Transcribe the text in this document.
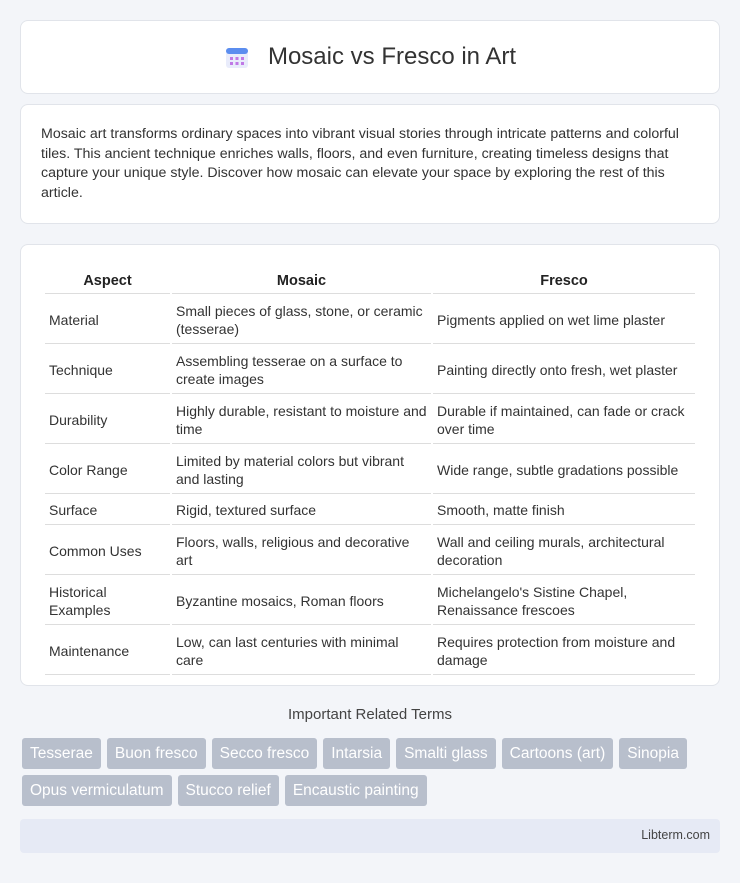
Mosaic vs Fresco in Art

Mosaic art transforms ordinary spaces into vibrant visual stories through intricate patterns and colorful tiles. This ancient technique enriches walls, floors, and even furniture, creating timeless designs that capture your unique style. Discover how mosaic can elevate your space by exploring the rest of this article.

Aspect	Mosaic	Fresco
Material	Small pieces of glass, stone, or ceramic (tesserae)	Pigments applied on wet lime plaster
Technique	Assembling tesserae on a surface to create images	Painting directly onto fresh, wet plaster
Durability	Highly durable, resistant to moisture and time	Durable if maintained, can fade or crack over time
Color Range	Limited by material colors but vibrant and lasting	Wide range, subtle gradations possible
Surface	Rigid, textured surface	Smooth, matte finish
Common Uses	Floors, walls, religious and decorative art	Wall and ceiling murals, architectural decoration
Historical Examples	Byzantine mosaics, Roman floors	Michelangelo's Sistine Chapel, Renaissance frescoes
Maintenance	Low, can last centuries with minimal care	Requires protection from moisture and damage
Important Related Terms
Tesserae	Buon fresco	Secco fresco	Intarsia	Smalti glass	Cartoons (art)	Sinopia
Opus vermiculatum	Stucco relief	Encaustic painting
Libterm.com
